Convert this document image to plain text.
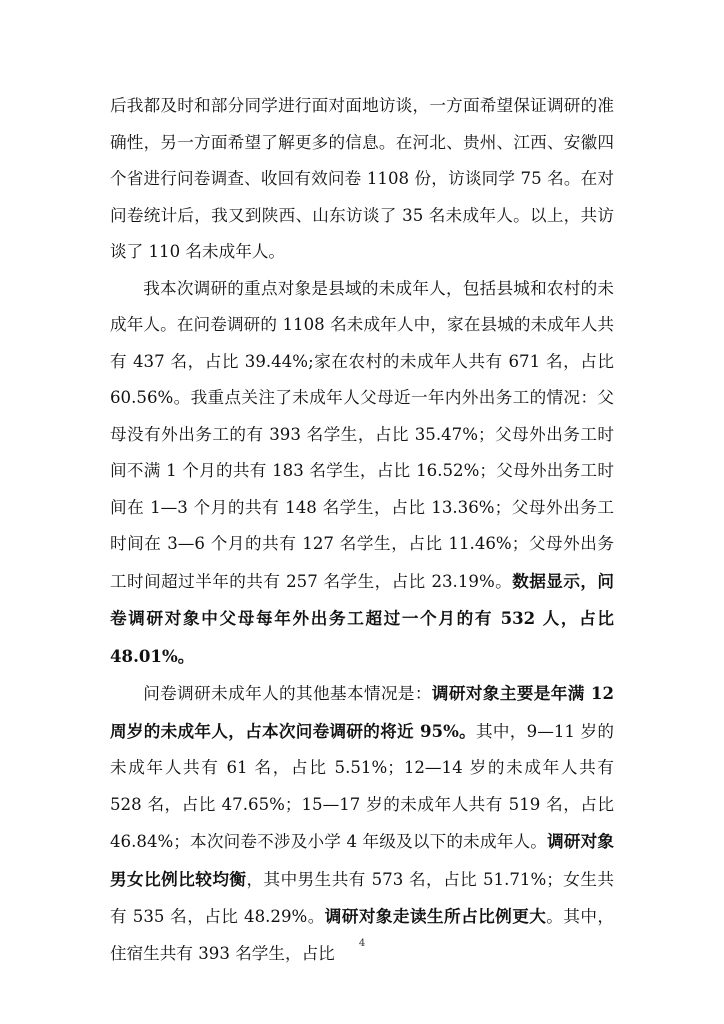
后我都及时和部分同学进行面对面地访谈，一方面希望保证调研的准确性，另一方面希望了解更多的信息。在河北、贵州、江西、安徽四个省进行问卷调查、收回有效问卷 1108 份，访谈同学 75 名。在对问卷统计后，我又到陕西、山东访谈了 35 名未成年人。以上，共访谈了 110 名未成年人。

我本次调研的重点对象是县域的未成年人，包括县城和农村的未成年人。在问卷调研的 1108 名未成年人中，家在县城的未成年人共有 437 名，占比 39.44%;家在农村的未成年人共有 671 名，占比 60.56%。我重点关注了未成年人父母近一年内外出务工的情况：父母没有外出务工的有 393 名学生，占比 35.47%；父母外出务工时间不满 1 个月的共有 183 名学生，占比 16.52%；父母外出务工时间在 1—3 个月的共有 148 名学生，占比 13.36%；父母外出务工时间在 3—6 个月的共有 127 名学生，占比 11.46%；父母外出务工时间超过半年的共有 257 名学生，占比 23.19%。数据显示，问卷调研对象中父母每年外出务工超过一个月的有 532 人，占比 48.01%。

问卷调研未成年人的其他基本情况是：调研对象主要是年满 12 周岁的未成年人，占本次问卷调研的将近 95%。其中，9—11 岁的未成年人共有 61 名，占比 5.51%；12—14 岁的未成年人共有 528 名，占比 47.65%；15—17 岁的未成年人共有 519 名，占比 46.84%；本次问卷不涉及小学 4 年级及以下的未成年人。调研对象男女比例比较均衡，其中男生共有 573 名，占比 51.71%；女生共有 535 名，占比 48.29%。调研对象走读生所占比例更大。其中，住宿生共有 393 名学生，占比	4
